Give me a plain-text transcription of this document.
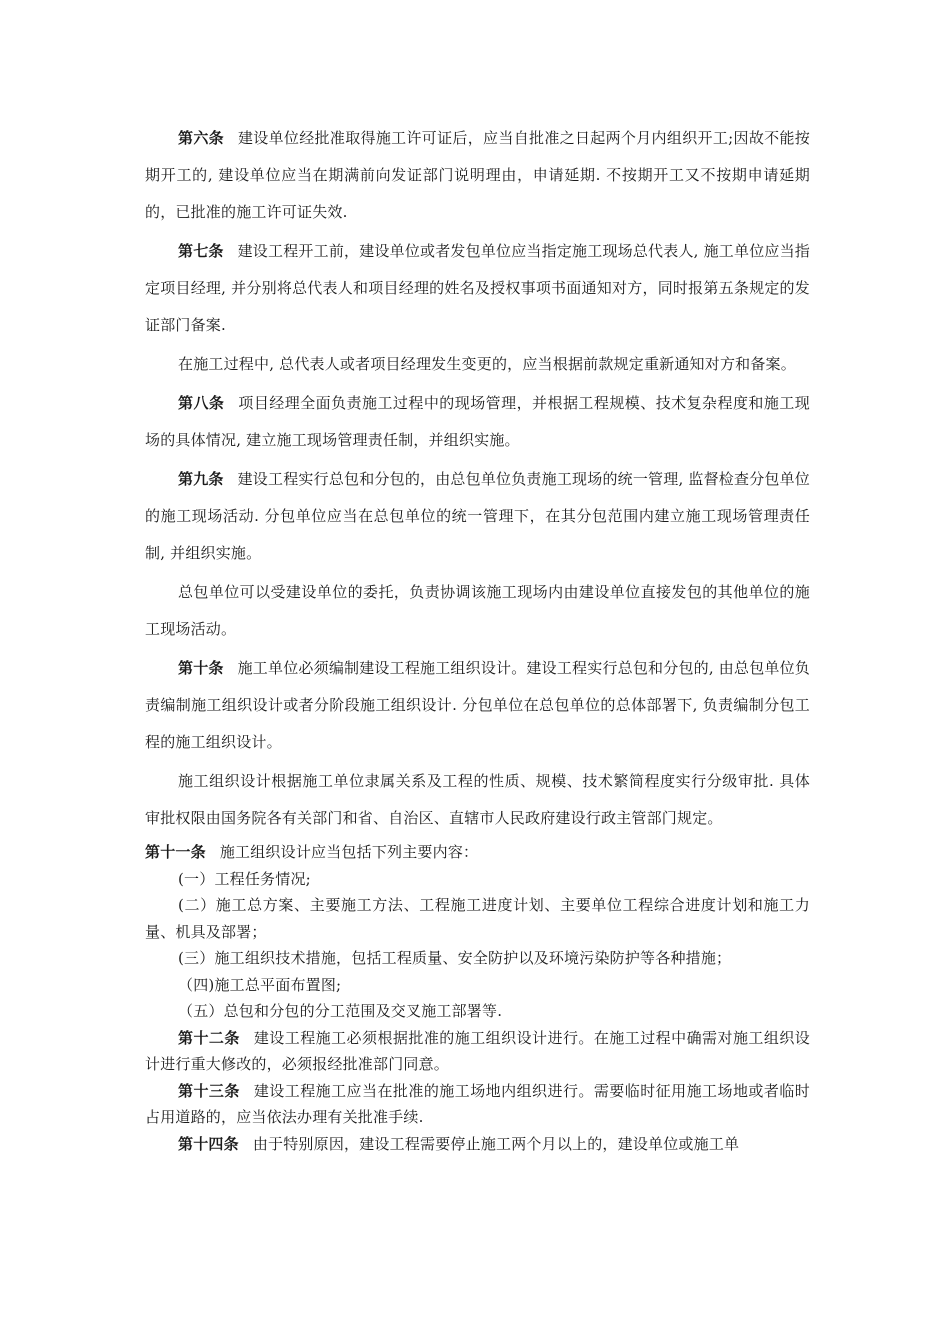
第六条 建设单位经批准取得施工许可证后，应当自批准之日起两个月内组织开工;因故不能按期开工的, 建设单位应当在期满前向发证部门说明理由，申请延期. 不按期开工又不按期申请延期的，已批准的施工许可证失效.

第七条 建设工程开工前，建设单位或者发包单位应当指定施工现场总代表人, 施工单位应当指定项目经理, 并分别将总代表人和项目经理的姓名及授权事项书面通知对方，同时报第五条规定的发证部门备案.

在施工过程中, 总代表人或者项目经理发生变更的，应当根据前款规定重新通知对方和备案。

第八条 项目经理全面负责施工过程中的现场管理，并根据工程规模、技术复杂程度和施工现场的具体情况, 建立施工现场管理责任制，并组织实施。

第九条 建设工程实行总包和分包的，由总包单位负责施工现场的统一管理, 监督检查分包单位的施工现场活动. 分包单位应当在总包单位的统一管理下，在其分包范围内建立施工现场管理责任制, 并组织实施。

总包单位可以受建设单位的委托，负责协调该施工现场内由建设单位直接发包的其他单位的施工现场活动。

第十条 施工单位必须编制建设工程施工组织设计。建设工程实行总包和分包的, 由总包单位负责编制施工组织设计或者分阶段施工组织设计. 分包单位在总包单位的总体部署下, 负责编制分包工程的施工组织设计。

施工组织设计根据施工单位隶属关系及工程的性质、规模、技术繁简程度实行分级审批. 具体审批权限由国务院各有关部门和省、自治区、直辖市人民政府建设行政主管部门规定。

第十一条 施工组织设计应当包括下列主要内容：

(一）工程任务情况;

(二）施工总方案、主要施工方法、工程施工进度计划、主要单位工程综合进度计划和施工力量、机具及部署；

(三）施工组织技术措施，包括工程质量、安全防护以及环境污染防护等各种措施；

（四)施工总平面布置图;

（五）总包和分包的分工范围及交叉施工部署等.

第十二条 建设工程施工必须根据批准的施工组织设计进行。在施工过程中确需对施工组织设计进行重大修改的，必须报经批准部门同意。

第十三条 建设工程施工应当在批准的施工场地内组织进行。需要临时征用施工场地或者临时占用道路的，应当依法办理有关批准手续.

第十四条 由于特别原因，建设工程需要停止施工两个月以上的，建设单位或施工单
